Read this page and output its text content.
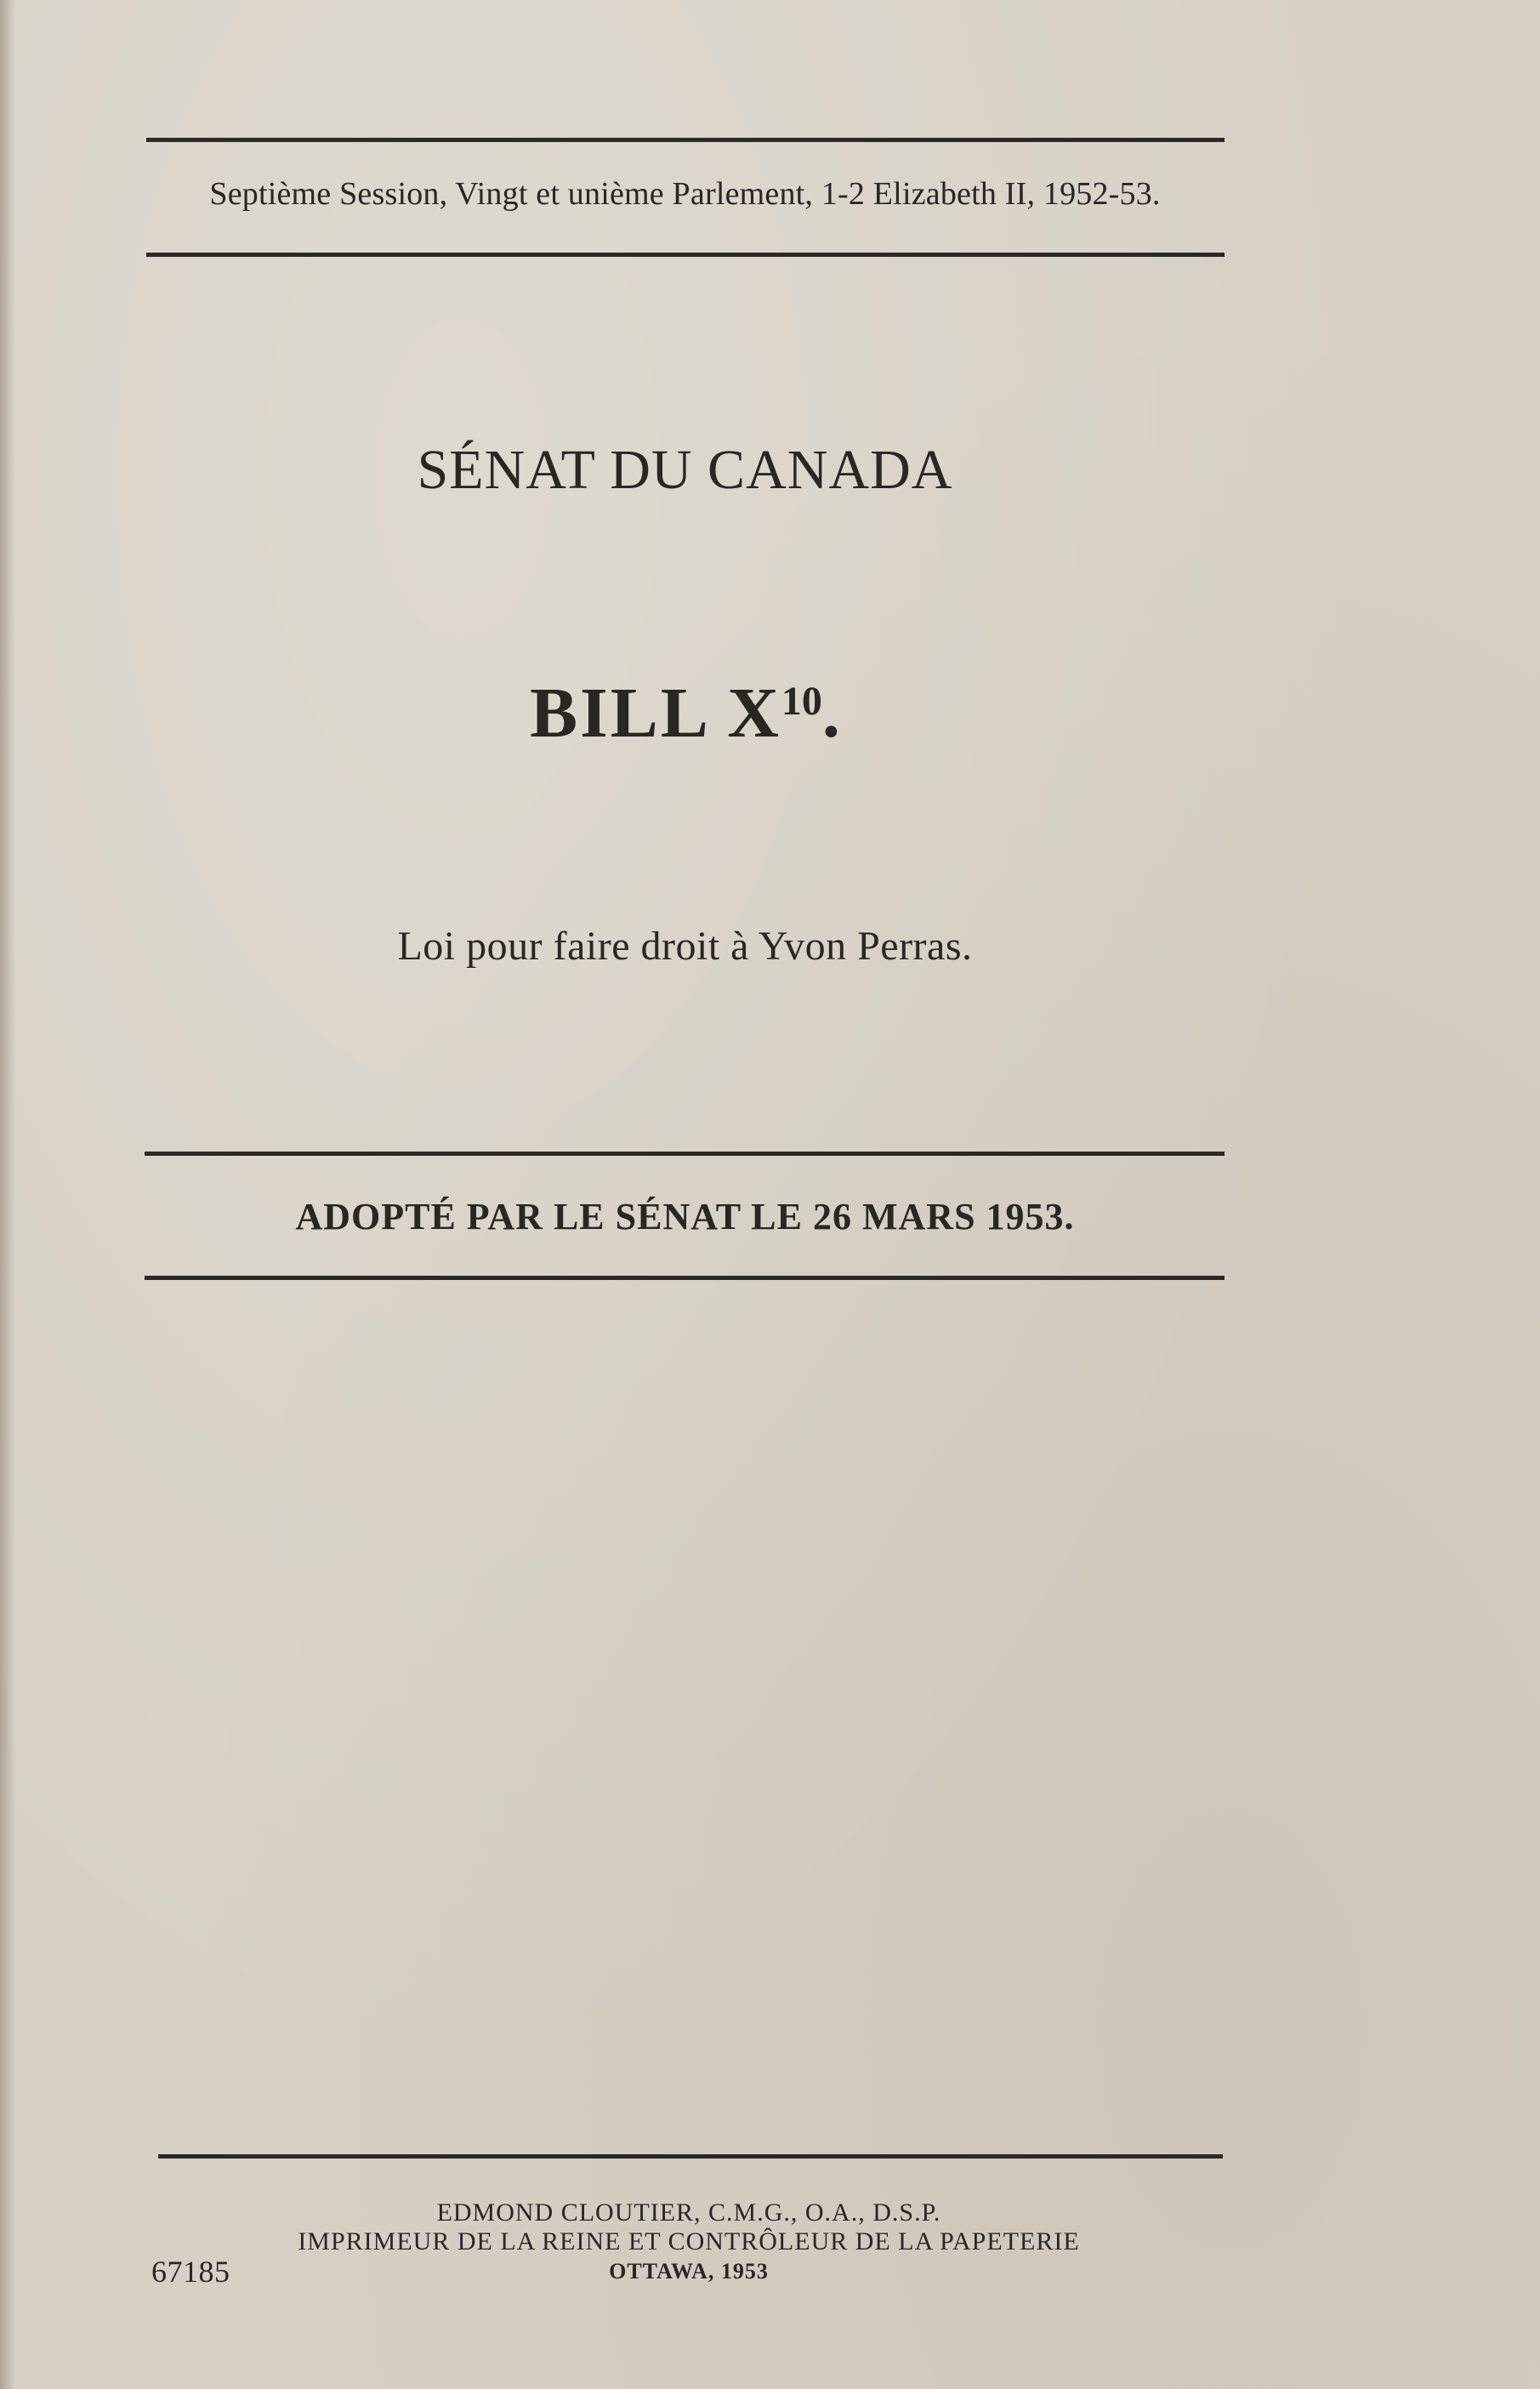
Septième Session, Vingt et unième Parlement, 1-2 Elizabeth II, 1952-53.
SÉNAT DU CANADA
BILL $X^{10}$.
Loi pour faire droit à Yvon Perras.
ADOPTÉ PAR LE SÉNAT LE 26 MARS 1953.
EDMOND CLOUTIER, C.M.G., O.A., D.S.P.
IMPRIMEUR DE LA REINE ET CONTRÔLEUR DE LA PAPETERIE
OTTAWA, 1953
67185
